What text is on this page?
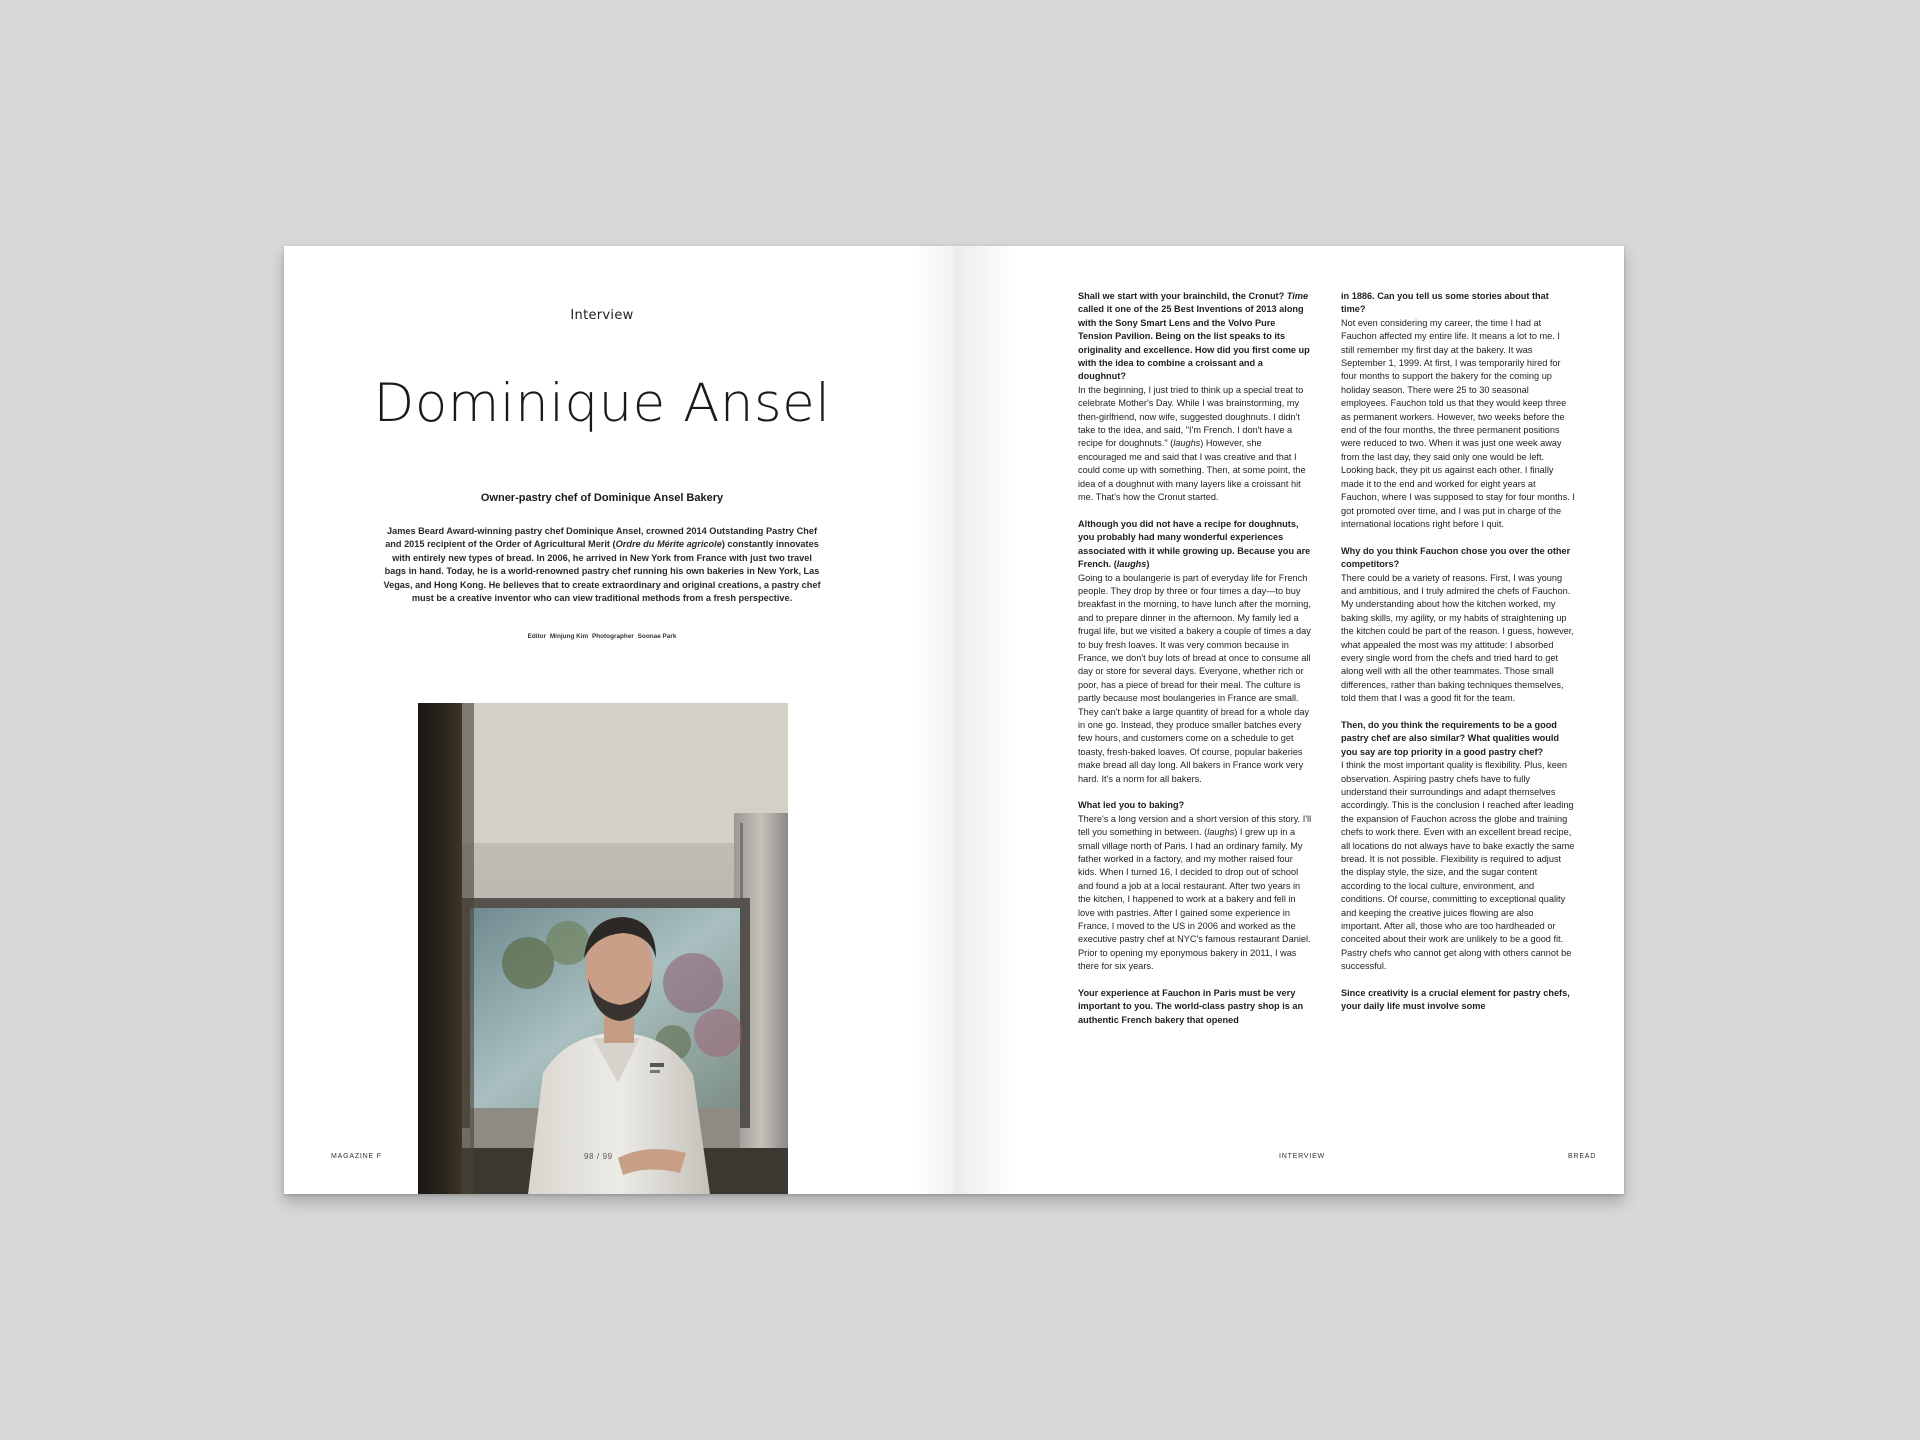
Interview
Dominique Ansel
Owner-pastry chef of Dominique Ansel Bakery
James Beard Award-winning pastry chef Dominique Ansel, crowned 2014 Outstanding Pastry Chef and 2015 recipient of the Order of Agricultural Merit (Ordre du Mérite agricole) constantly innovates with entirely new types of bread. In 2006, he arrived in New York from France with just two travel bags in hand. Today, he is a world-renowned pastry chef running his own bakeries in New York, Las Vegas, and Hong Kong. He believes that to create extraordinary and original creations, a pastry chef must be a creative inventor who can view traditional methods from a fresh perspective.
Editor Minjung Kim Photographer Soonae Park
MAGAZINE F	98 / 99
Shall we start with your brainchild, the Cronut? Time called it one of the 25 Best Inventions of 2013 along with the Sony Smart Lens and the Volvo Pure Tension Pavilion. Being on the list speaks to its originality and excellence. How did you first come up with the idea to combine a croissant and a doughnut?
In the beginning, I just tried to think up a special treat to celebrate Mother's Day. While I was brainstorming, my then-girlfriend, now wife, suggested doughnuts. I didn't take to the idea, and said, "I'm French. I don't have a recipe for doughnuts." (laughs) However, she encouraged me and said that I was creative and that I could come up with something. Then, at some point, the idea of a doughnut with many layers like a croissant hit me. That's how the Cronut started.
Although you did not have a recipe for doughnuts, you probably had many wonderful experiences associated with it while growing up. Because you are French. (laughs)
Going to a boulangerie is part of everyday life for French people. They drop by three or four times a day—to buy breakfast in the morning, to have lunch after the morning, and to prepare dinner in the afternoon. My family led a frugal life, but we visited a bakery a couple of times a day to buy fresh loaves. It was very common because in France, we don't buy lots of bread at once to consume all day or store for several days. Everyone, whether rich or poor, has a piece of bread for their meal. The culture is partly because most boulangeries in France are small. They can't bake a large quantity of bread for a whole day in one go. Instead, they produce smaller batches every few hours, and customers come on a schedule to get toasty, fresh-baked loaves. Of course, popular bakeries make bread all day long. All bakers in France work very hard. It's a norm for all bakers.
What led you to baking?
There's a long version and a short version of this story. I'll tell you something in between. (laughs) I grew up in a small village north of Paris. I had an ordinary family. My father worked in a factory, and my mother raised four kids. When I turned 16, I decided to drop out of school and found a job at a local restaurant. After two years in the kitchen, I happened to work at a bakery and fell in love with pastries. After I gained some experience in France, I moved to the US in 2006 and worked as the executive pastry chef at NYC's famous restaurant Daniel. Prior to opening my eponymous bakery in 2011, I was there for six years.
Your experience at Fauchon in Paris must be very important to you. The world-class pastry shop is an authentic French bakery that opened
in 1886. Can you tell us some stories about that time?
Not even considering my career, the time I had at Fauchon affected my entire life. It means a lot to me. I still remember my first day at the bakery. It was September 1, 1999. At first, I was temporarily hired for four months to support the bakery for the coming up holiday season. There were 25 to 30 seasonal employees. Fauchon told us that they would keep three as permanent workers. However, two weeks before the end of the four months, the three permanent positions were reduced to two. When it was just one week away from the last day, they said only one would be left. Looking back, they pit us against each other. I finally made it to the end and worked for eight years at Fauchon, where I was supposed to stay for four months. I got promoted over time, and I was put in charge of the international locations right before I quit.
Why do you think Fauchon chose you over the other competitors?
There could be a variety of reasons. First, I was young and ambitious, and I truly admired the chefs of Fauchon. My understanding about how the kitchen worked, my baking skills, my agility, or my habits of straightening up the kitchen could be part of the reason. I guess, however, what appealed the most was my attitude: I absorbed every single word from the chefs and tried hard to get along well with all the other teammates. Those small differences, rather than baking techniques themselves, told them that I was a good fit for the team.
Then, do you think the requirements to be a good pastry chef are also similar? What qualities would you say are top priority in a good pastry chef?
I think the most important quality is flexibility. Plus, keen observation. Aspiring pastry chefs have to fully understand their surroundings and adapt themselves accordingly. This is the conclusion I reached after leading the expansion of Fauchon across the globe and training chefs to work there. Even with an excellent bread recipe, all locations do not always have to bake exactly the same bread. It is not possible. Flexibility is required to adjust the display style, the size, and the sugar content according to the local culture, environment, and conditions. Of course, committing to exceptional quality and keeping the creative juices flowing are also important. After all, those who are too hardheaded or conceited about their work are unlikely to be a good fit. Pastry chefs who cannot get along with others cannot be successful.
Since creativity is a crucial element for pastry chefs, your daily life must involve some
INTERVIEW	BREAD
